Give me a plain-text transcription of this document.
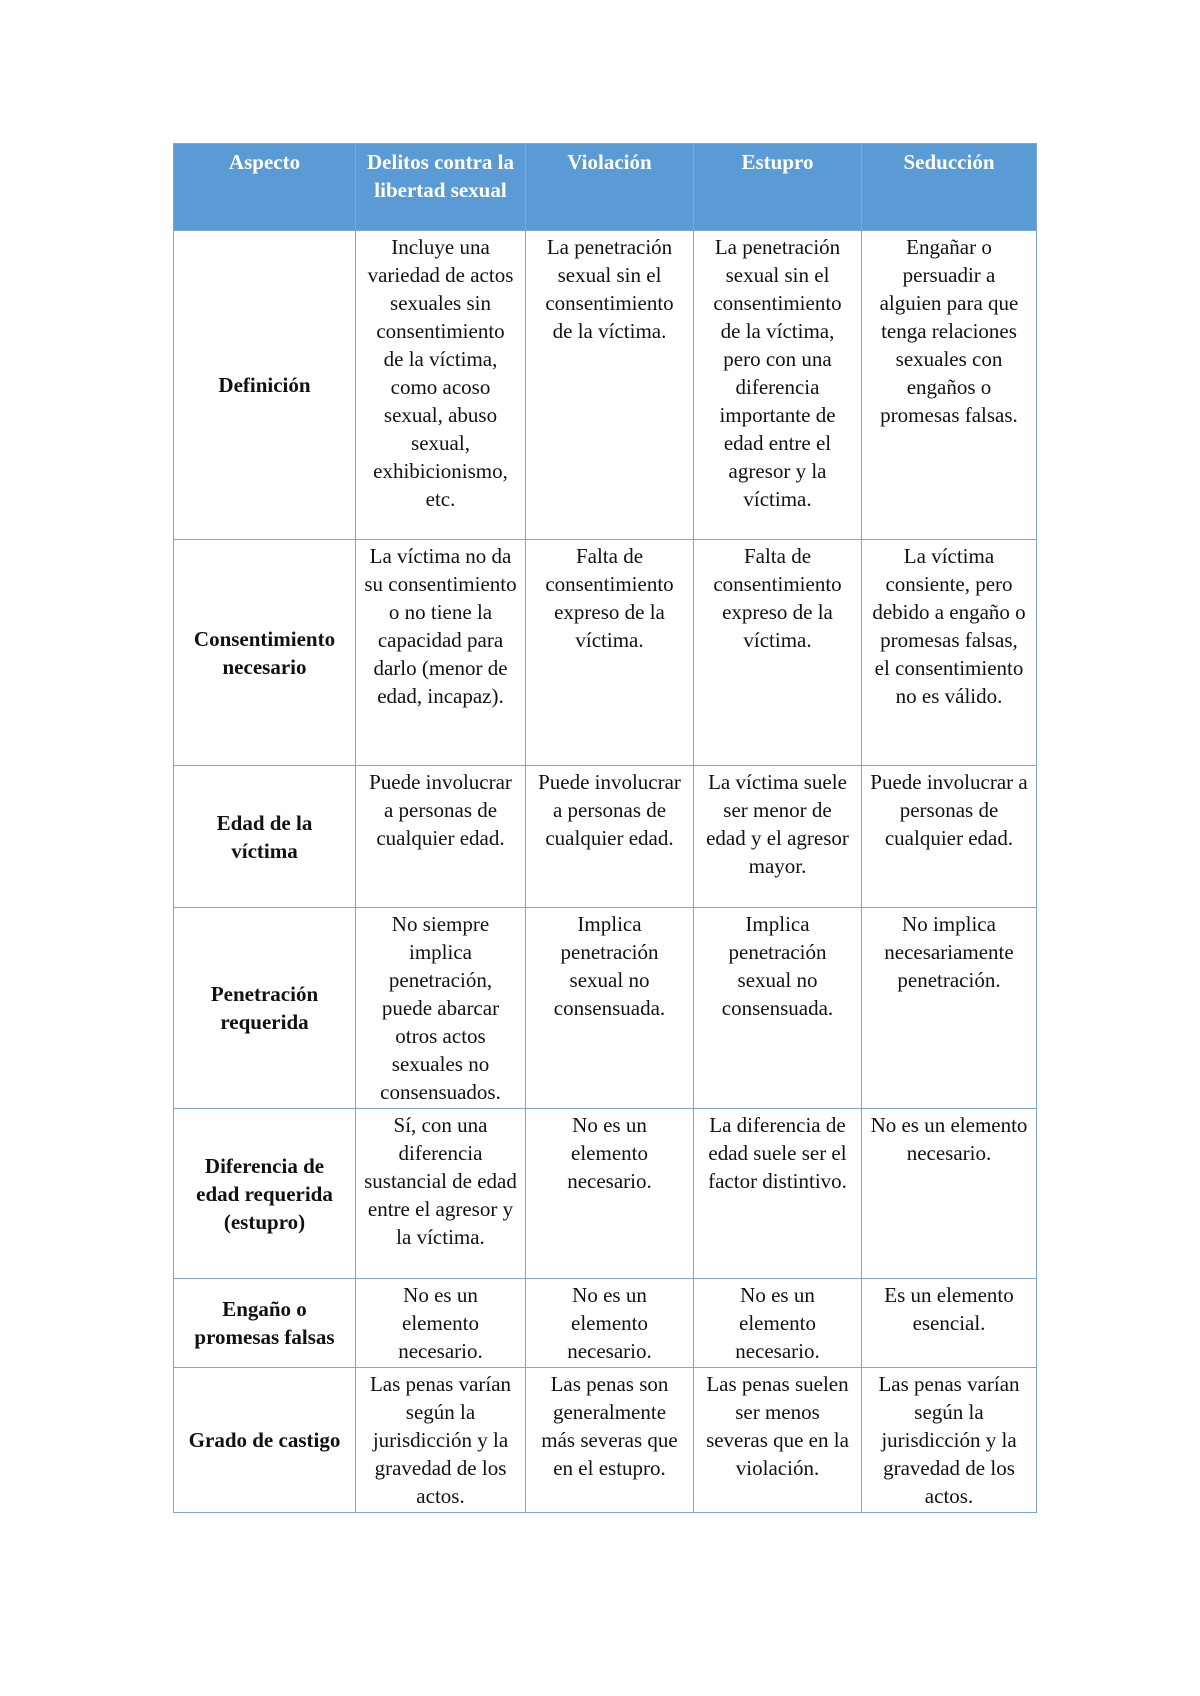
Aspecto	Delitos contra la libertad sexual	Violación	Estupro	Seducción
Definición	Incluye una variedad de actos sexuales sin consentimiento de la víctima, como acoso sexual, abuso sexual, exhibicionismo, etc.	La penetración sexual sin el consentimiento de la víctima.	La penetración sexual sin el consentimiento de la víctima, pero con una diferencia importante de edad entre el agresor y la víctima.	Engañar o persuadir a alguien para que tenga relaciones sexuales con engaños o promesas falsas.
Consentimiento necesario	La víctima no da su consentimiento o no tiene la capacidad para darlo (menor de edad, incapaz).	Falta de consentimiento expreso de la víctima.	Falta de consentimiento expreso de la víctima.	La víctima consiente, pero debido a engaño o promesas falsas, el consentimiento no es válido.
Edad de la víctima	Puede involucrar a personas de cualquier edad.	Puede involucrar a personas de cualquier edad.	La víctima suele ser menor de edad y el agresor mayor.	Puede involucrar a personas de cualquier edad.
Penetración requerida	No siempre implica penetración, puede abarcar otros actos sexuales no consensuados.	Implica penetración sexual no consensuada.	Implica penetración sexual no consensuada.	No implica necesariamente penetración.
Diferencia de edad requerida (estupro)	Sí, con una diferencia sustancial de edad entre el agresor y la víctima.	No es un elemento necesario.	La diferencia de edad suele ser el factor distintivo.	No es un elemento necesario.
Engaño o promesas falsas	No es un elemento necesario.	No es un elemento necesario.	No es un elemento necesario.	Es un elemento esencial.
Grado de castigo	Las penas varían según la jurisdicción y la gravedad de los actos.	Las penas son generalmente más severas que en el estupro.	Las penas suelen ser menos severas que en la violación.	Las penas varían según la jurisdicción y la gravedad de los actos.
